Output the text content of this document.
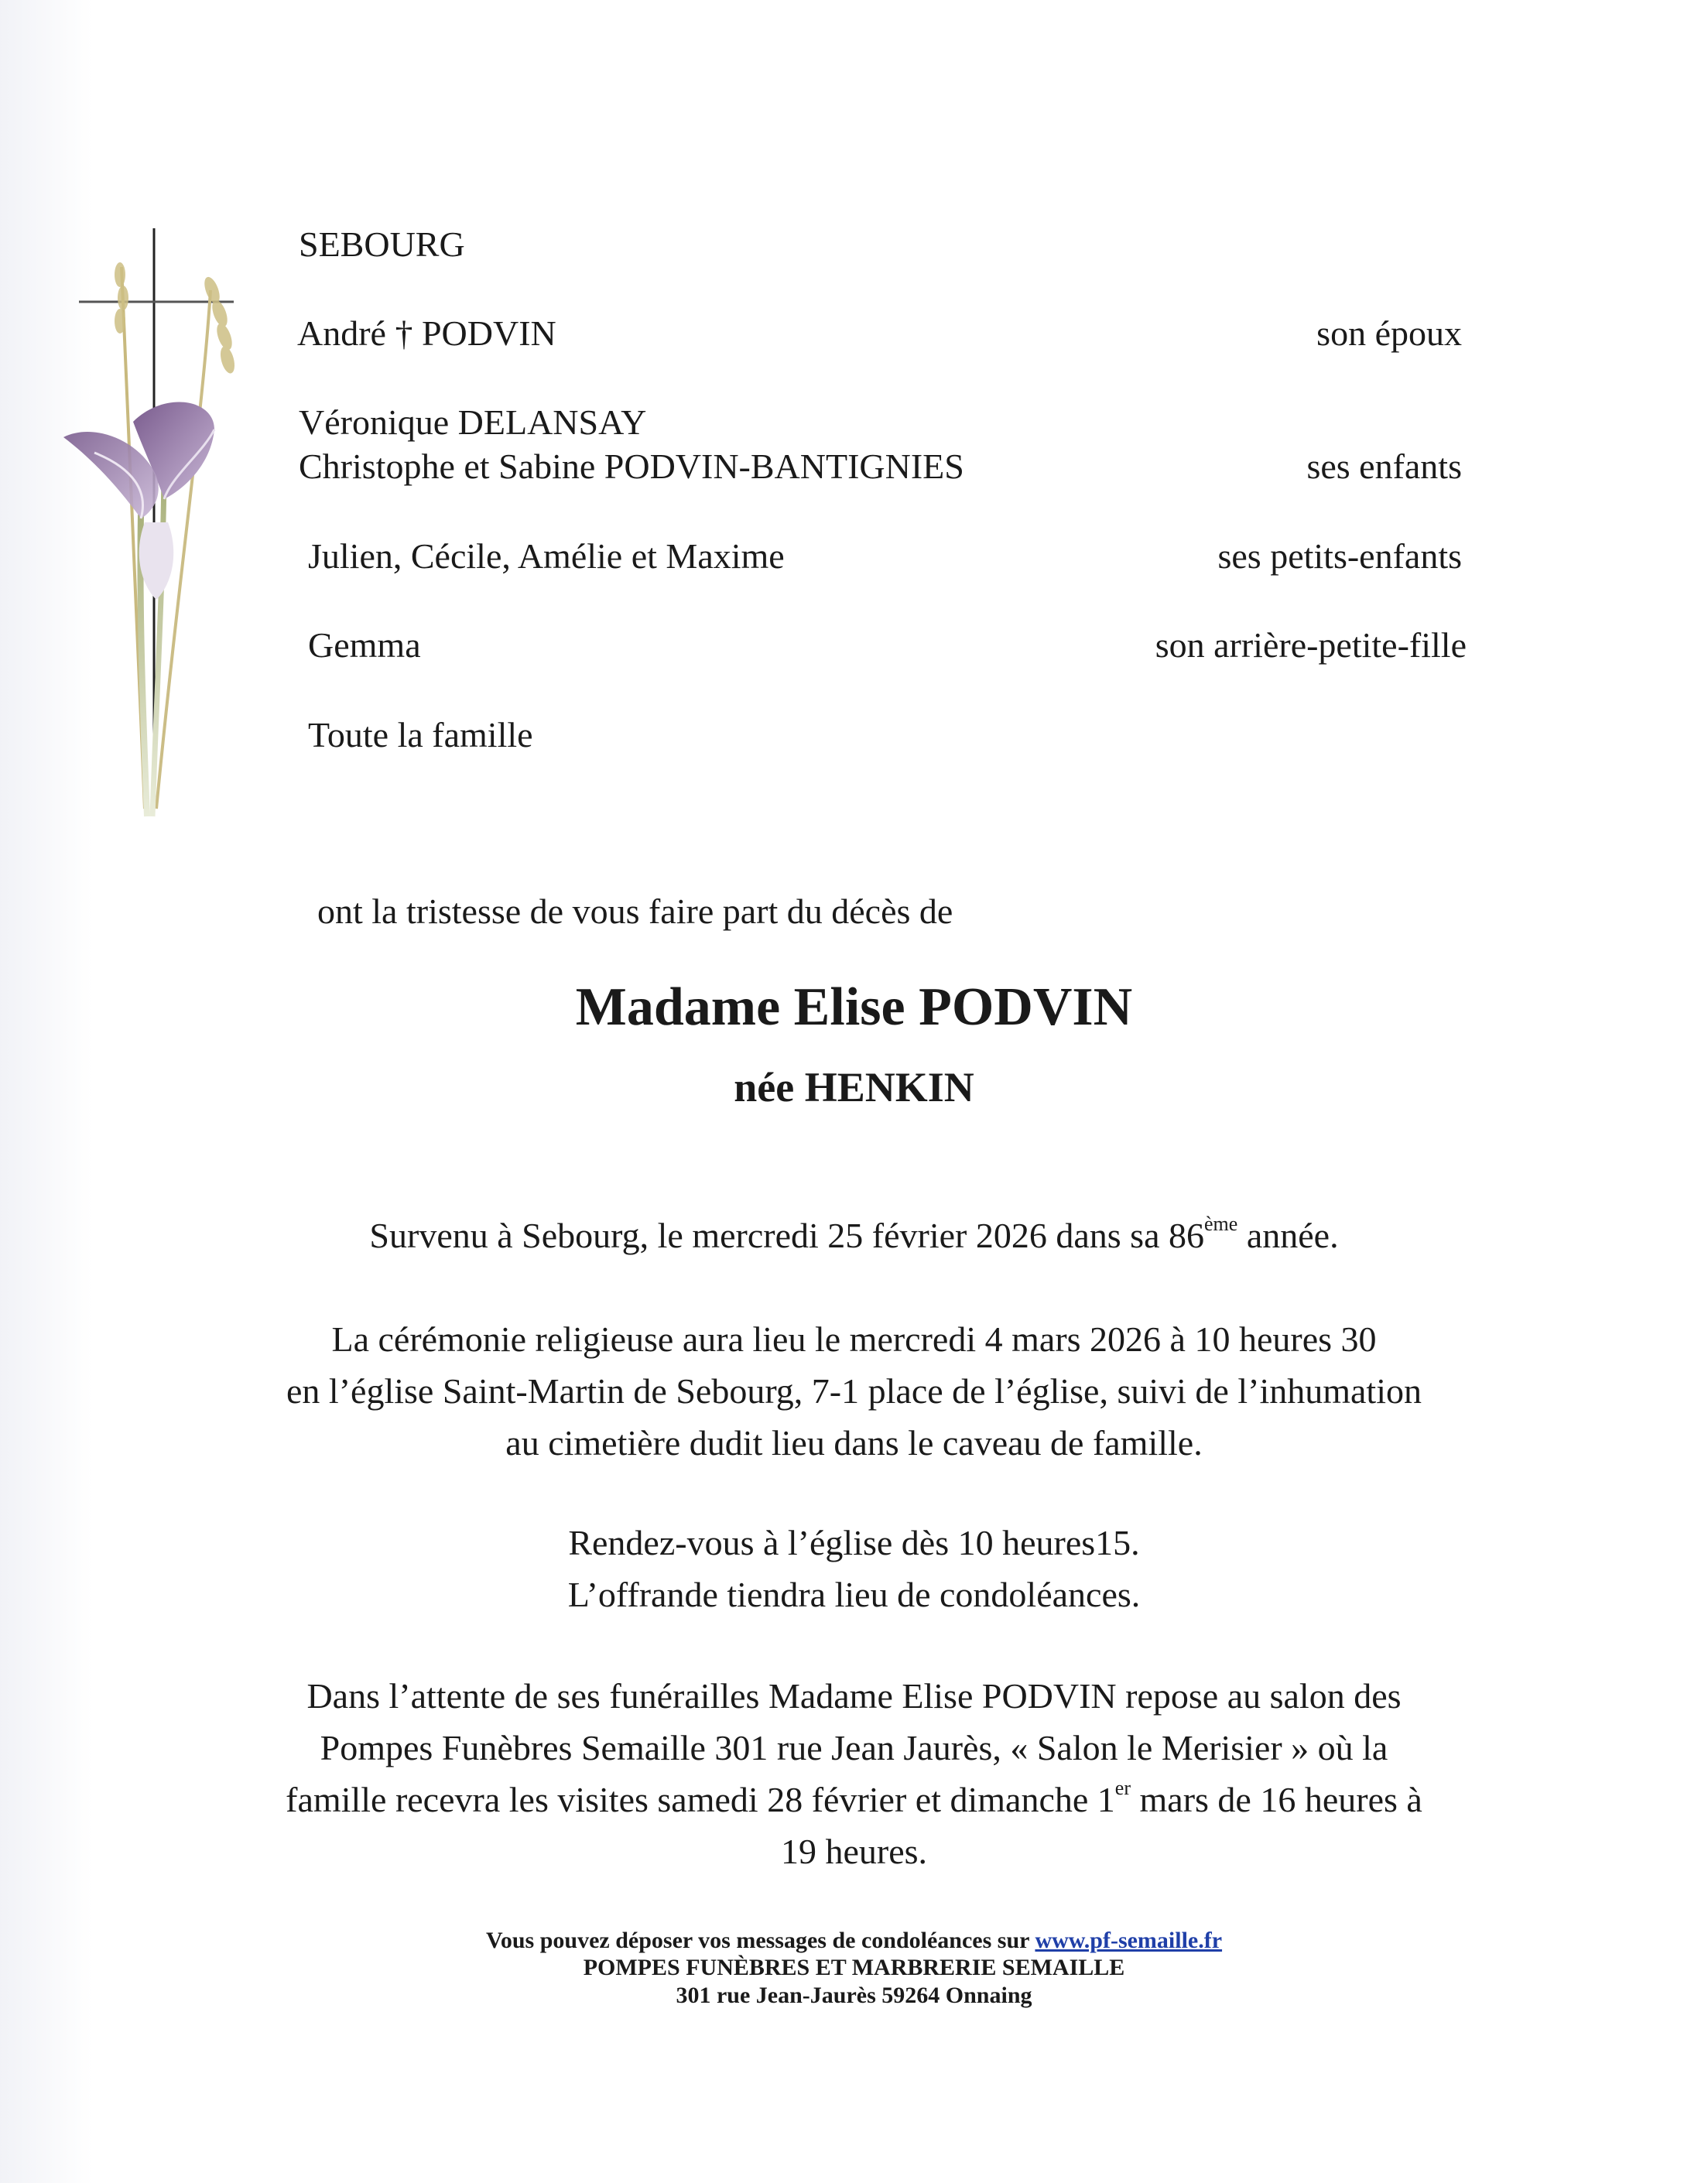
SEBOURG
André † PODVIN	son époux
Véronique DELANSAY
Christophe et Sabine PODVIN-BANTIGNIES	ses enfants
Julien, Cécile, Amélie et Maxime	ses petits-enfants
Gemma	son arrière-petite-fille
Toute la famille
ont la tristesse de vous faire part du décès de
Madame Elise PODVIN
née HENKIN
Survenu à Sebourg, le mercredi 25 février 2026 dans sa 86ème année.
La cérémonie religieuse aura lieu le mercredi 4 mars 2026 à 10 heures 30
en l’église Saint-Martin de Sebourg, 7-1 place de l’église, suivi de l’inhumation
au cimetière dudit lieu dans le caveau de famille.
Rendez-vous à l’église dès 10 heures15.
L’offrande tiendra lieu de condoléances.
Dans l’attente de ses funérailles Madame Elise PODVIN repose au salon des
Pompes Funèbres Semaille 301 rue Jean Jaurès, « Salon le Merisier » où la
famille recevra les visites samedi 28 février et dimanche 1er mars de 16 heures à
19 heures.
Vous pouvez déposer vos messages de condoléances sur www.pf-semaille.fr
POMPES FUNÈBRES ET MARBRERIE SEMAILLE
301 rue Jean-Jaurès 59264 Onnaing
